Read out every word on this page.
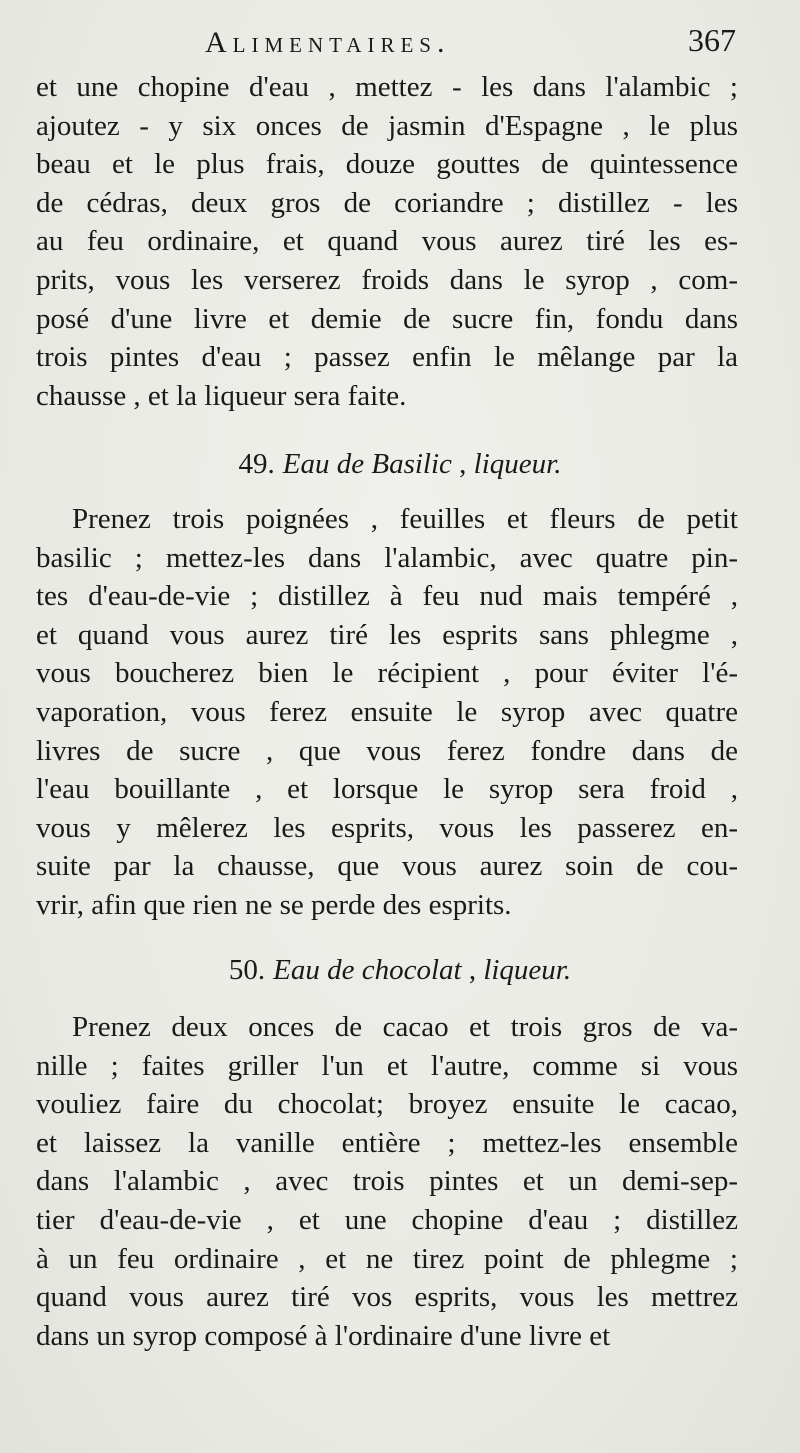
Alimentaires.	367
et une chopine d'eau , mettez - les dans l'alambic ;
ajoutez - y six onces de jasmin d'Espagne , le plus
beau et le plus frais, douze gouttes de quintessence
de cédras, deux gros de coriandre ; distillez - les
au feu ordinaire, et quand vous aurez tiré les es-
prits, vous les verserez froids dans le syrop , com-
posé d'une livre et demie de sucre fin, fondu dans
trois pintes d'eau ; passez enfin le mêlange par la
chausse , et la liqueur sera faite.
49. Eau de Basilic , liqueur.
Prenez trois poignées , feuilles et fleurs de petit
basilic ; mettez-les dans l'alambic, avec quatre pin-
tes d'eau-de-vie ; distillez à feu nud mais tempéré ,
et quand vous aurez tiré les esprits sans phlegme ,
vous boucherez bien le récipient , pour éviter l'é-
vaporation, vous ferez ensuite le syrop avec quatre
livres de sucre , que vous ferez fondre dans de
l'eau bouillante , et lorsque le syrop sera froid ,
vous y mêlerez les esprits, vous les passerez en-
suite par la chausse, que vous aurez soin de cou-
vrir, afin que rien ne se perde des esprits.
50. Eau de chocolat , liqueur.
Prenez deux onces de cacao et trois gros de va-
nille ; faites griller l'un et l'autre, comme si vous
vouliez faire du chocolat; broyez ensuite le cacao,
et laissez la vanille entière ; mettez-les ensemble
dans l'alambic , avec trois pintes et un demi-sep-
tier d'eau-de-vie , et une chopine d'eau ; distillez
à un feu ordinaire , et ne tirez point de phlegme ;
quand vous aurez tiré vos esprits, vous les mettrez
dans un syrop composé à l'ordinaire d'une livre et
